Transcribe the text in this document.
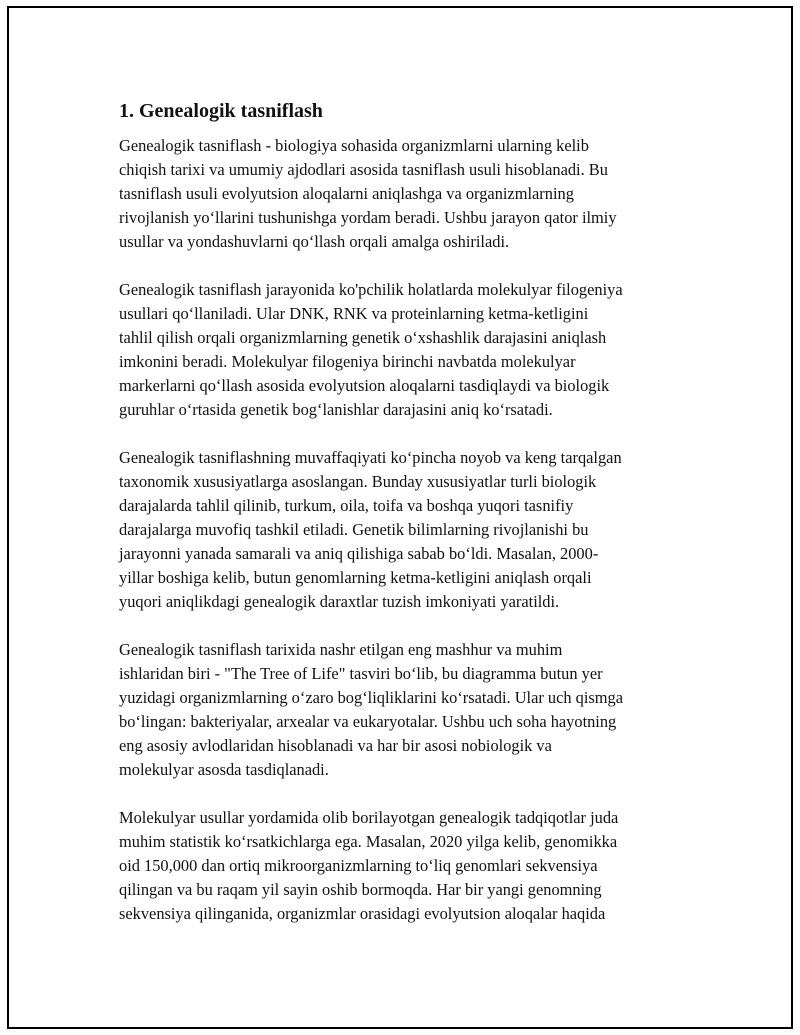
1. Genealogik tasniflash

Genealogik tasniflash - biologiya sohasida organizmlarni ularning kelib
chiqish tarixi va umumiy ajdodlari asosida tasniflash usuli hisoblanadi. Bu
tasniflash usuli evolyutsion aloqalarni aniqlashga va organizmlarning
rivojlanish yo‘llarini tushunishga yordam beradi. Ushbu jarayon qator ilmiy
usullar va yondashuvlarni qo‘llash orqali amalga oshiriladi.

Genealogik tasniflash jarayonida ko'pchilik holatlarda molekulyar filogeniya
usullari qo‘llaniladi. Ular DNK, RNK va proteinlarning ketma-ketligini
tahlil qilish orqali organizmlarning genetik o‘xshashlik darajasini aniqlash
imkonini beradi. Molekulyar filogeniya birinchi navbatda molekulyar
markerlarni qo‘llash asosida evolyutsion aloqalarni tasdiqlaydi va biologik
guruhlar o‘rtasida genetik bog‘lanishlar darajasini aniq ko‘rsatadi.

Genealogik tasniflashning muvaffaqiyati ko‘pincha noyob va keng tarqalgan
taxonomik xususiyatlarga asoslangan. Bunday xususiyatlar turli biologik
darajalarda tahlil qilinib, turkum, oila, toifa va boshqa yuqori tasnifiy
darajalarga muvofiq tashkil etiladi. Genetik bilimlarning rivojlanishi bu
jarayonni yanada samarali va aniq qilishiga sabab bo‘ldi. Masalan, 2000-
yillar boshiga kelib, butun genomlarning ketma-ketligini aniqlash orqali
yuqori aniqlikdagi genealogik daraxtlar tuzish imkoniyati yaratildi.

Genealogik tasniflash tarixida nashr etilgan eng mashhur va muhim
ishlaridan biri - "The Tree of Life" tasviri bo‘lib, bu diagramma butun yer
yuzidagi organizmlarning o‘zaro bog‘liqliklarini ko‘rsatadi. Ular uch qismga
bo‘lingan: bakteriyalar, arxealar va eukaryotalar. Ushbu uch soha hayotning
eng asosiy avlodlaridan hisoblanadi va har bir asosi nobiologik va
molekulyar asosda tasdiqlanadi.

Molekulyar usullar yordamida olib borilayotgan genealogik tadqiqotlar juda
muhim statistik ko‘rsatkichlarga ega. Masalan, 2020 yilga kelib, genomikka
oid 150,000 dan ortiq mikroorganizmlarning to‘liq genomlari sekvensiya
qilingan va bu raqam yil sayin oshib bormoqda. Har bir yangi genomning
sekvensiya qilinganida, organizmlar orasidagi evolyutsion aloqalar haqida
